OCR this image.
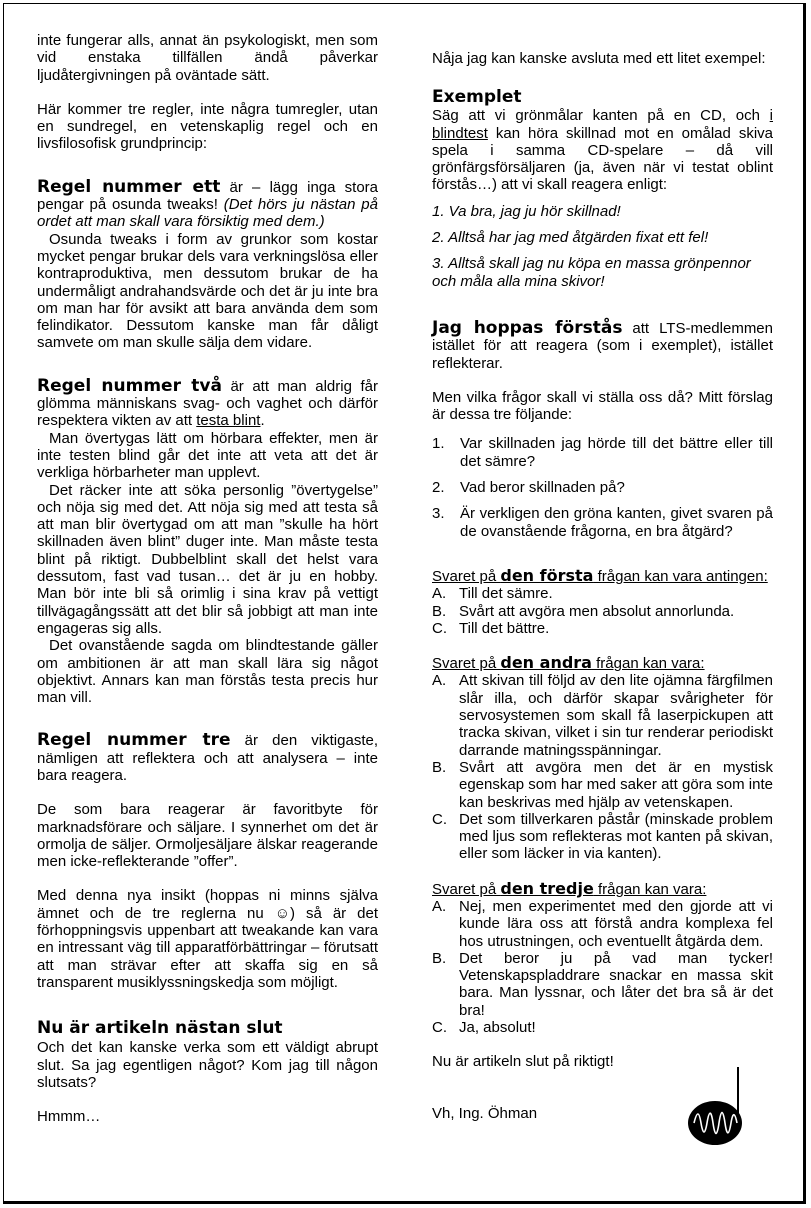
inte fungerar alls, annat än psykologiskt, men som vid enstaka tillfällen ändå påverkar ljudåtergivningen på oväntade sätt.

Här kommer tre regler, inte några tumregler, utan en sundregel, en vetenskaplig regel och en livsfilosofisk grundprincip:

Regel nummer ett är – lägg inga stora pengar på osunda tweaks! (Det hörs ju nästan på ordet att man skall vara försiktig med dem.)

Osunda tweaks i form av grunkor som kostar mycket pengar brukar dels vara verkningslösa eller kontraproduktiva, men dessutom brukar de ha undermåligt andrahandsvärde och det är ju inte bra om man har för avsikt att bara använda dem som felindikator. Dessutom kanske man får dåligt samvete om man skulle sälja dem vidare.

Regel nummer två är att man aldrig får glömma människans svag- och vaghet och därför respektera vikten av att testa blint.

Man övertygas lätt om hörbara effekter, men är inte testen blind går det inte att veta att det är verkliga hörbarheter man upplevt.

Det räcker inte att söka personlig ”övertygelse” och nöja sig med det. Att nöja sig med att testa så att man blir övertygad om att man ”skulle ha hört skillnaden även blint” duger inte. Man måste testa blint på riktigt. Dubbelblint skall det helst vara dessutom, fast vad tusan… det är ju en hobby. Man bör inte bli så orimlig i sina krav på vettigt tillvägagångssätt att det blir så jobbigt att man inte engageras sig alls.

Det ovanstående sagda om blindtestande gäller om ambitionen är att man skall lära sig något objektivt. Annars kan man förstås testa precis hur man vill.

Regel nummer tre är den viktigaste, nämligen att reflektera och att analysera – inte bara reagera.

De som bara reagerar är favoritbyte för marknadsförare och säljare. I synnerhet om det är ormolja de säljer. Ormoljesäljare älskar reagerande men icke-reflekterande ”offer”.

Med denna nya insikt (hoppas ni minns själva ämnet och de tre reglerna nu ☺) så är det förhoppningsvis uppenbart att tweakande kan vara en intressant väg till apparatförbättringar – förutsatt att man strävar efter att skaffa sig en så transparent musiklyssningskedja som möjligt.

Nu är artikeln nästan slut

Och det kan kanske verka som ett väldigt abrupt slut. Sa jag egentligen något? Kom jag till någon slutsats?

Hmmm…

Nåja jag kan kanske avsluta med ett litet exempel:

Exemplet

Säg att vi grönmålar kanten på en CD, och i blindtest kan höra skillnad mot en omålad skiva spela i samma CD-spelare – då vill grönfärgsförsäljaren (ja, även när vi testat oblint förstås…) att vi skall reagera enligt:

1. Va bra, jag ju hör skillnad!

2. Alltså har jag med åtgärden fixat ett fel!

3. Alltså skall jag nu köpa en massa grönpennor och måla alla mina skivor!

Jag hoppas förstås att LTS-medlemmen istället för att reagera (som i exemplet), istället reflekterar.

Men vilka frågor skall vi ställa oss då? Mitt förslag är dessa tre följande:

1.	Var skillnaden jag hörde till det bättre eller till det sämre?
2.	Vad beror skillnaden på?
3.	Är verkligen den gröna kanten, givet svaren på de ovanstående frågorna, en bra åtgärd?

Svaret på den första frågan kan vara antingen:

A. Till det sämre.
B. Svårt att avgöra men absolut annorlunda.
C. Till det bättre.

Svaret på den andra frågan kan vara:

A. Att skivan till följd av den lite ojämna färgfilmen slår illa, och därför skapar svårigheter för servosystemen som skall få laserpickupen att tracka skivan, vilket i sin tur renderar periodiskt darrande matningsspänningar.
B. Svårt att avgöra men det är en mystisk egenskap som har med saker att göra som inte kan beskrivas med hjälp av vetenskapen.
C. Det som tillverkaren påstår (minskade problem med ljus som reflekteras mot kanten på skivan, eller som läcker in via kanten).

Svaret på den tredje frågan kan vara:

A. Nej, men experimentet med den gjorde att vi kunde lära oss att förstå andra komplexa fel hos utrustningen, och eventuellt åtgärda dem.
B. Det beror ju på vad man tycker! Vetenskapspladdrare snackar en massa skit bara. Man lyssnar, och låter det bra så är det bra!
C. Ja, absolut!

Nu är artikeln slut på riktigt!

Vh, Ing. Öhman
